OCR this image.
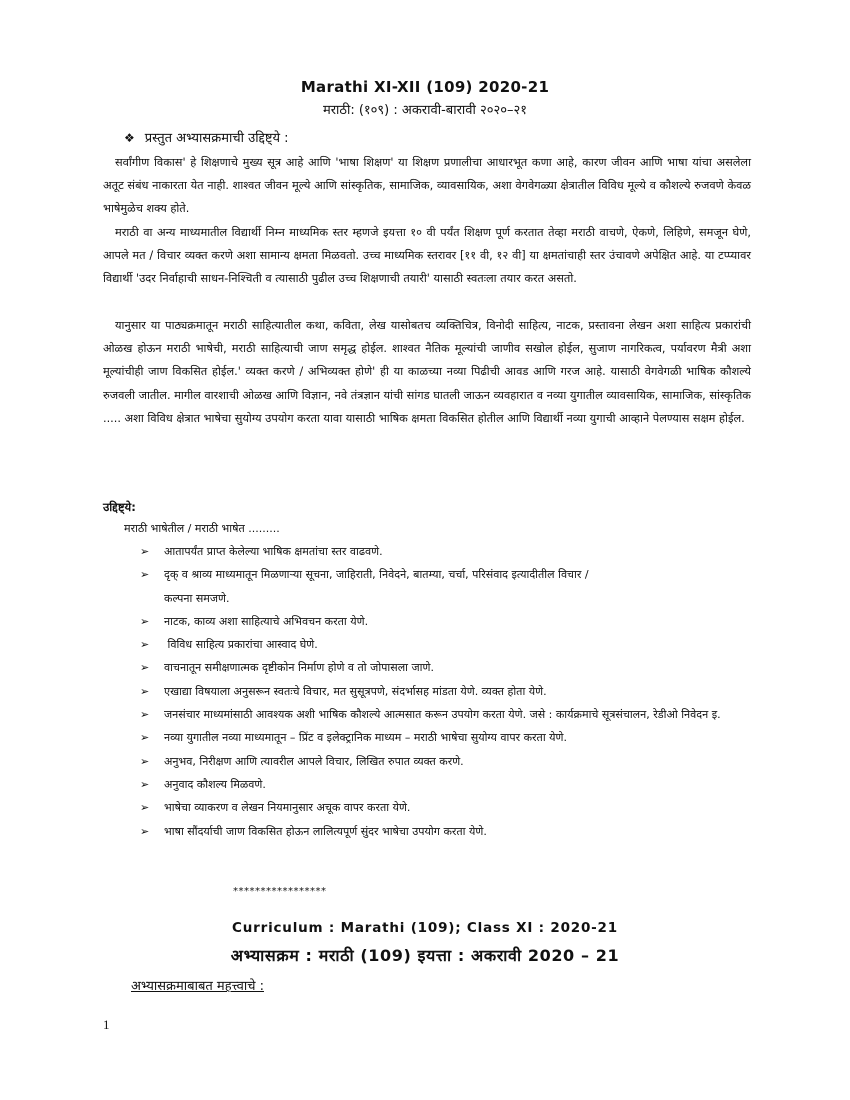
Marathi XI-XII (109) 2020-21
मराठी: (१०९) : अकरावी-बारावी २०२०–२१
❖ प्रस्तुत अभ्यासक्रमाची उद्दिष्ट्ये :

सर्वांगीण विकास' हे शिक्षणाचे मुख्य सूत्र आहे आणि 'भाषा शिक्षण' या शिक्षण प्रणालीचा आधारभूत कणा आहे, कारण जीवन आणि भाषा यांचा असलेला अतूट संबंध नाकारता येत नाही. शाश्वत जीवन मूल्ये आणि सांस्कृतिक, सामाजिक, व्यावसायिक, अशा वेगवेगळ्या क्षेत्रातील विविध मूल्ये व कौशल्ये रुजवणे केवळ भाषेमुळेच शक्य होते.

मराठी वा अन्य माध्यमातील विद्यार्थी निम्न माध्यमिक स्तर म्हणजे इयत्ता १० वी पर्यंत शिक्षण पूर्ण करतात तेव्हा मराठी वाचणे, ऐकणे, लिहिणे, समजून घेणे, आपले मत / विचार व्यक्त करणे अशा सामान्य क्षमता मिळवतो. उच्च माध्यमिक स्तरावर [११ वी, १२ वी] या क्षमतांचाही स्तर उंचावणे अपेक्षित आहे. या टप्प्यावर विद्यार्थी 'उदर निर्वाहाची साधन-निश्चिती व त्यासाठी पुढील उच्च शिक्षणाची तयारी' यासाठी स्वतःला तयार करत असतो.

यानुसार या पाठ्यक्रमातून मराठी साहित्यातील कथा, कविता, लेख यासोबतच व्यक्तिचित्र, विनोदी साहित्य, नाटक, प्रस्तावना लेखन अशा साहित्य प्रकारांची ओळख होऊन मराठी भाषेची, मराठी साहित्याची जाण समृद्ध होईल. शाश्वत नैतिक मूल्यांची जाणीव सखोल होईल, सुजाण नागरिकत्व, पर्यावरण मैत्री अशा मूल्यांचीही जाण विकसित होईल.' व्यक्त करणे / अभिव्यक्त होणे' ही या काळच्या नव्या पिढीची आवड आणि गरज आहे. यासाठी वेगवेगळी भाषिक कौशल्ये रुजवली जातील. मागील वारशाची ओळख आणि विज्ञान, नवे तंत्रज्ञान यांची सांगड घातली जाऊन व्यवहारात व नव्या युगातील व्यावसायिक, सामाजिक, सांस्कृतिक ..... अशा विविध क्षेत्रात भाषेचा सुयोग्य उपयोग करता यावा यासाठी भाषिक क्षमता विकसित होतील आणि विद्यार्थी नव्या युगाची आव्हाने पेलण्यास सक्षम होईल.

उद्दिष्ट्ये:
मराठी भाषेतील / मराठी भाषेत .........
➢ आतापर्यंत प्राप्त केलेल्या भाषिक क्षमतांचा स्तर वाढवणे.
➢ दृक् व श्राव्य माध्यमातून मिळणाऱ्या सूचना, जाहिराती, निवेदने, बातम्या, चर्चा, परिसंवाद इत्यादीतील विचार / कल्पना समजणे.
➢ नाटक, काव्य अशा साहित्याचे अभिवचन करता येणे.
➢ विविध साहित्य प्रकारांचा आस्वाद घेणे.
➢ वाचनातून समीक्षणात्मक दृष्टीकोन निर्माण होणे व तो जोपासला जाणे.
➢ एखाद्या विषयाला अनुसरून स्वतःचे विचार, मत सुसूत्रपणे, संदर्भासह मांडता येणे. व्यक्त होता येणे.
➢ जनसंचार माध्यमांसाठी आवश्यक अशी भाषिक कौशल्ये आत्मसात करून उपयोग करता येणे. जसे : कार्यक्रमाचे सूत्रसंचालन, रेडीओ निवेदन इ.
➢ नव्या युगातील नव्या माध्यमातून – प्रिंट व इलेक्ट्रानिक माध्यम – मराठी भाषेचा सुयोग्य वापर करता येणे.
➢ अनुभव, निरीक्षण आणि त्यावरील आपले विचार, लिखित रुपात व्यक्त करणे.
➢ अनुवाद कौशल्य मिळवणे.
➢ भाषेचा व्याकरण व लेखन नियमानुसार अचूक वापर करता येणे.
➢ भाषा सौंदर्याची जाण विकसित होऊन लालित्यपूर्ण सुंदर भाषेचा उपयोग करता येणे.
*****************
Curriculum : Marathi (109); Class XI : 2020-21
अभ्यासक्रम : मराठी (109) इयत्ता : अकरावी 2020 – 21
अभ्यासक्रमाबाबत महत्त्वाचे :
1
